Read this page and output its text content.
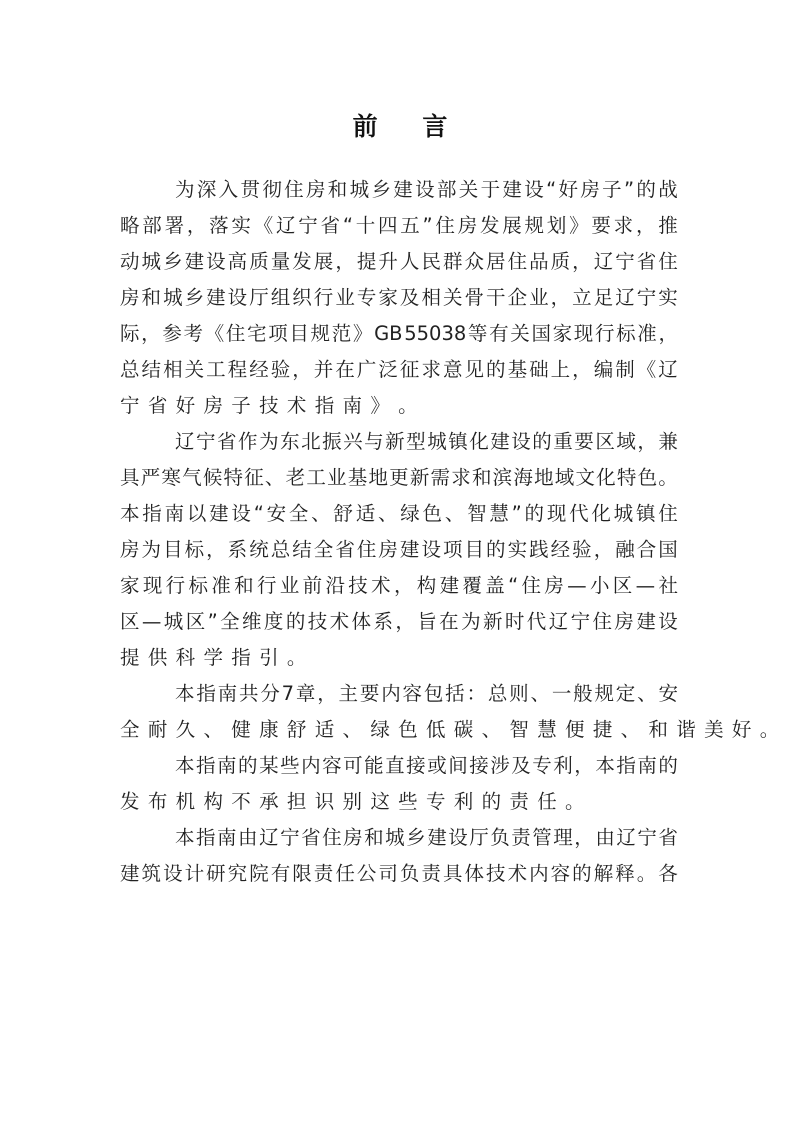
前 言
为 深 入 贯 彻 住 房 和 城 乡 建 设 部 关 于 建 设 “ 好 房 子 ” 的 战
略 部 署 ， 落 实 《 辽 宁 省 “ 十 四 五 ” 住 房 发 展 规 划 》 要 求 ， 推
动 城 乡 建 设 高 质 量 发 展 ， 提 升 人 民 群 众 居 住 品 质 ， 辽 宁 省 住
房 和 城 乡 建 设 厅 组 织 行 业 专 家 及 相 关 骨 干 企 业 ， 立 足 辽 宁 实
际 ， 参 考 《 住 宅 项 目 规 范 》 GB 55038 等 有 关 国 家 现 行 标 准 ，
总 结 相 关 工 程 经 验 ， 并 在 广 泛 征 求 意 见 的 基 础 上 ， 编 制 《 辽
宁 省 好 房 子 技 术 指 南 》 。
辽 宁 省 作 为 东 北 振 兴 与 新 型 城 镇 化 建 设 的 重 要 区 域 ， 兼
具 严 寒 气 候 特 征 、 老 工 业 基 地 更 新 需 求 和 滨 海 地 域 文 化 特 色 。
本 指 南 以 建 设 “ 安 全 、 舒 适 、 绿 色 、 智 慧 ” 的 现 代 化 城 镇 住
房 为 目 标 ， 系 统 总 结 全 省 住 房 建 设 项 目 的 实 践 经 验 ， 融 合 国
家 现 行 标 准 和 行 业 前 沿 技 术 ， 构 建 覆 盖 “ 住 房 — 小 区 — 社
区 — 城 区 ” 全 维 度 的 技 术 体 系 ， 旨 在 为 新 时 代 辽 宁 住 房 建 设
提 供 科 学 指 引 。
本 指 南 共 分 7 章 ， 主 要 内 容 包 括 ： 总 则 、 一 般 规 定 、 安
全 耐 久 、 健 康 舒 适 、 绿 色 低 碳 、 智 慧 便 捷 、 和 谐 美 好 。
本 指 南 的 某 些 内 容 可 能 直 接 或 间 接 涉 及 专 利 ， 本 指 南 的
发 布 机 构 不 承 担 识 别 这 些 专 利 的 责 任 。
本 指 南 由 辽 宁 省 住 房 和 城 乡 建 设 厅 负 责 管 理 ， 由 辽 宁 省
建 筑 设 计 研 究 院 有 限 责 任 公 司 负 责 具 体 技 术 内 容 的 解 释 。 各
